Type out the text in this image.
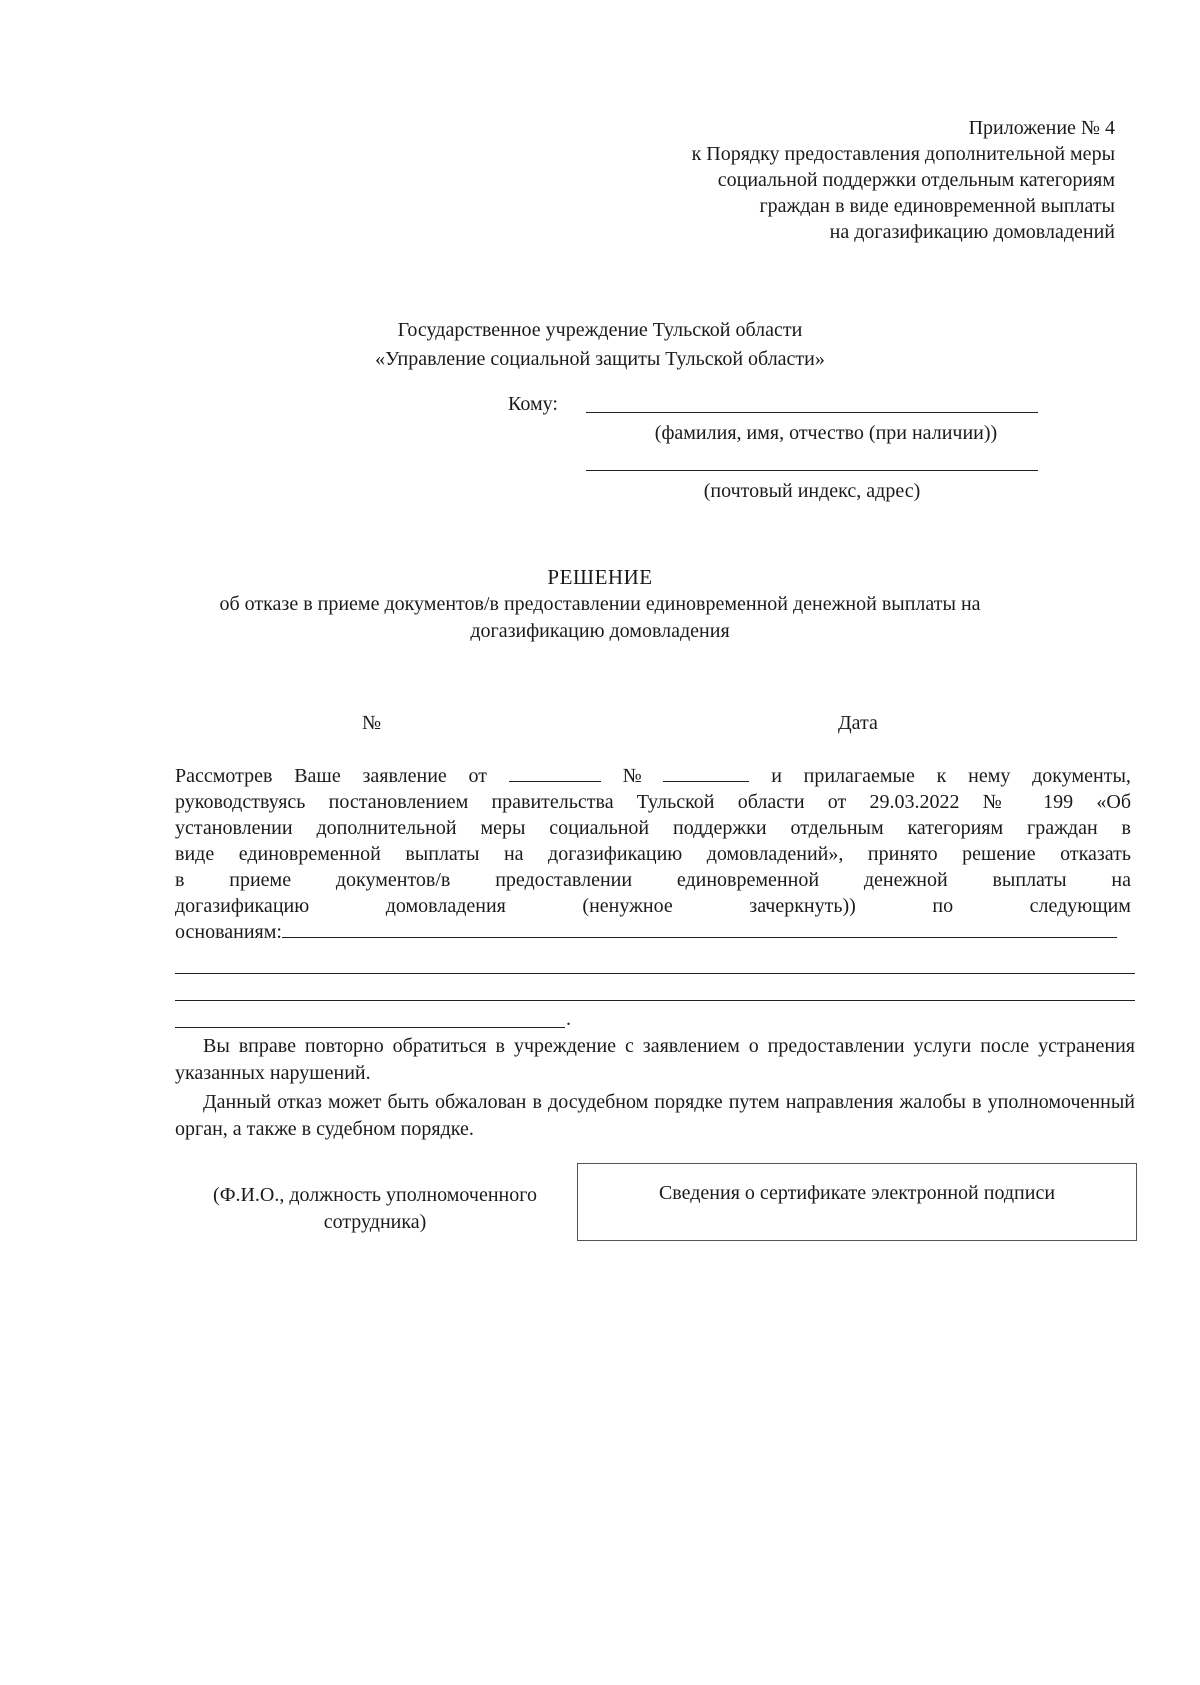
Приложение № 4
к Порядку предоставления дополнительной меры
социальной поддержки отдельным категориям
граждан в виде единовременной выплаты
на догазификацию домовладений
Государственное учреждение Тульской области
«Управление социальной защиты Тульской области»
Кому:
(фамилия, имя, отчество (при наличии))
(почтовый индекс, адрес)
РЕШЕНИЕ
об отказе в приеме документов/в предоставлении единовременной денежной выплаты на
догазификацию домовладения
№	Дата
Рассмотрев Ваше заявление от	№	и прилагаемые к нему документы,
руководствуясь постановлением правительства Тульской области от 29.03.2022 № 199 «Об
установлении дополнительной меры социальной поддержки отдельным категориям граждан в
виде единовременной выплаты на догазификацию домовладений», принято решение отказать
в приеме документов/в предоставлении единовременной денежной выплаты на
догазификацию	домовладения	(ненужное	зачеркнуть))	по	следующим
основаниям:
.

Вы вправе повторно обратиться в учреждение с заявлением о предоставлении услуги после устранения указанных нарушений.

Данный отказ может быть обжалован в досудебном порядке путем направления жалобы в уполномоченный орган, а также в судебном порядке.

(Ф.И.О., должность уполномоченного
сотрудника)
Сведения о сертификате электронной подписи
